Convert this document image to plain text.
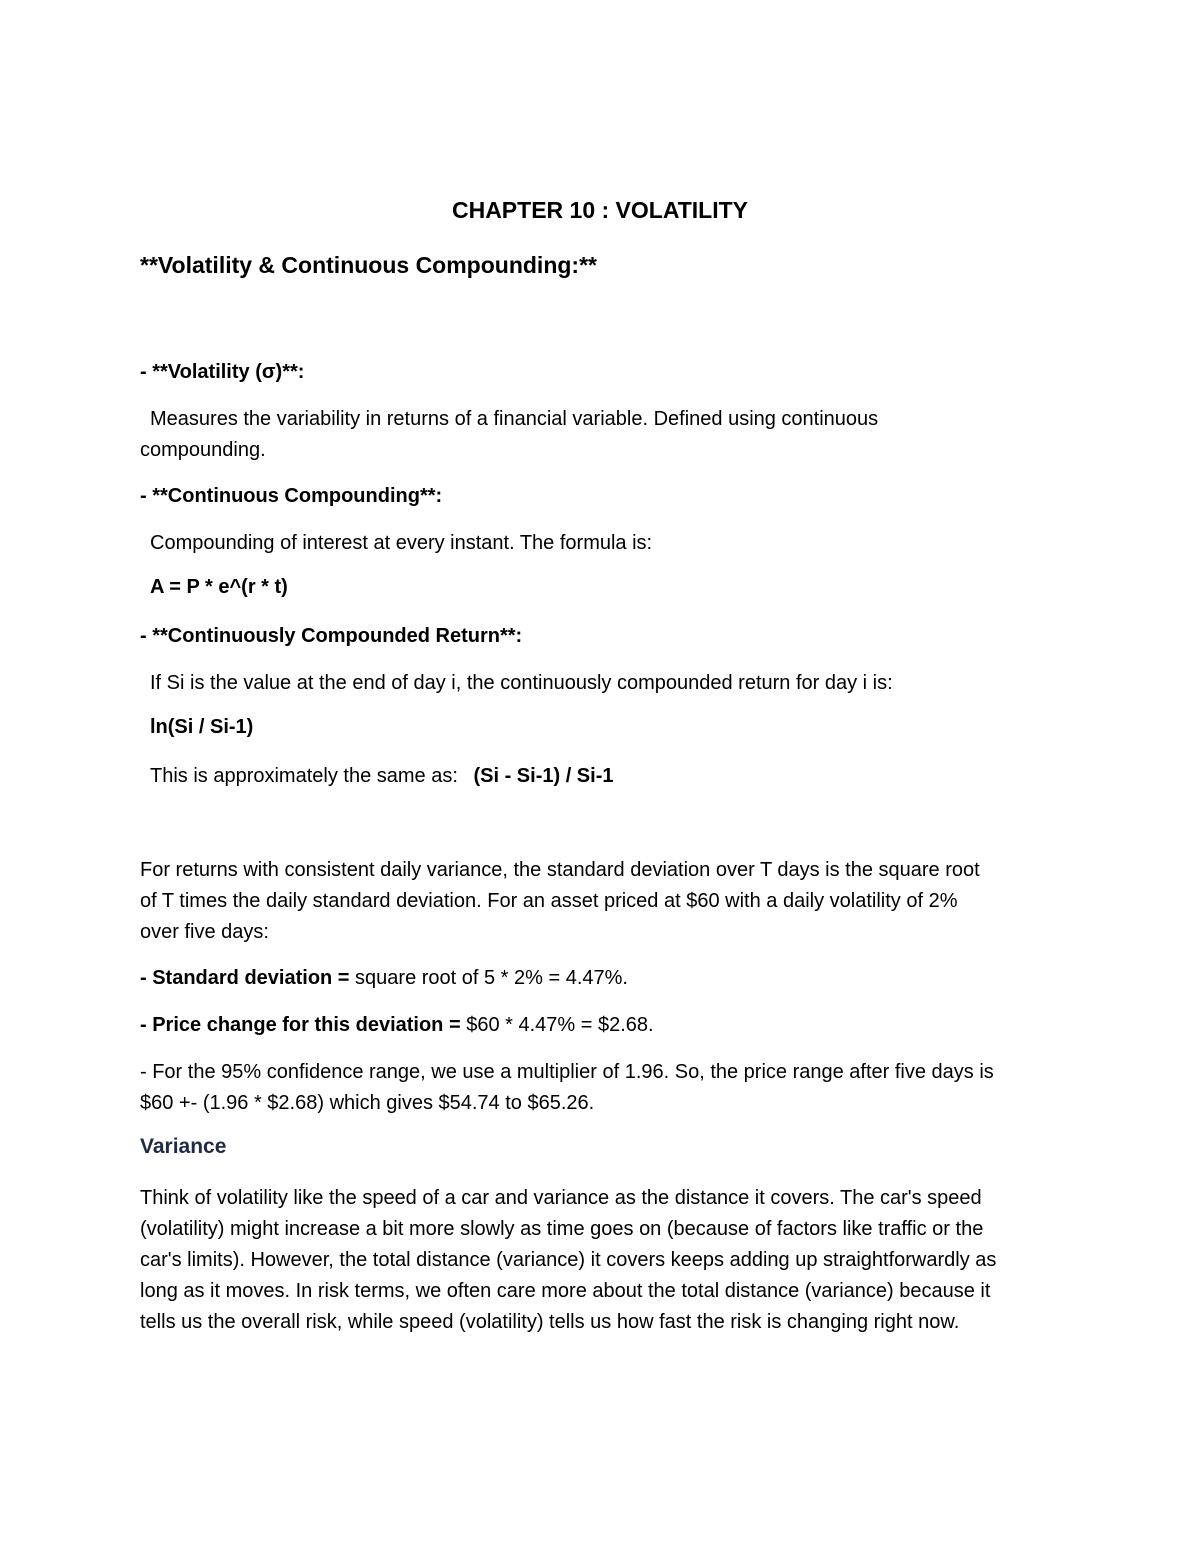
CHAPTER 10 : VOLATILITY
**Volatility & Continuous Compounding:**
- **Volatility (σ)**:
Measures the variability in returns of a financial variable. Defined using continuous
compounding.
- **Continuous Compounding**:
Compounding of interest at every instant. The formula is:
A = P * e^(r * t)
- **Continuously Compounded Return**:
If Si is the value at the end of day i, the continuously compounded return for day i is:
ln(Si / Si-1)
This is approximately the same as: (Si - Si-1) / Si-1
For returns with consistent daily variance, the standard deviation over T days is the square root
of T times the daily standard deviation. For an asset priced at $60 with a daily volatility of 2%
over five days:
- Standard deviation = square root of 5 * 2% = 4.47%.
- Price change for this deviation = $60 * 4.47% = $2.68.
- For the 95% confidence range, we use a multiplier of 1.96. So, the price range after five days is
$60 +- (1.96 * $2.68) which gives $54.74 to $65.26.
Variance
Think of volatility like the speed of a car and variance as the distance it covers. The car's speed
(volatility) might increase a bit more slowly as time goes on (because of factors like traffic or the
car's limits). However, the total distance (variance) it covers keeps adding up straightforwardly as
long as it moves. In risk terms, we often care more about the total distance (variance) because it
tells us the overall risk, while speed (volatility) tells us how fast the risk is changing right now.
